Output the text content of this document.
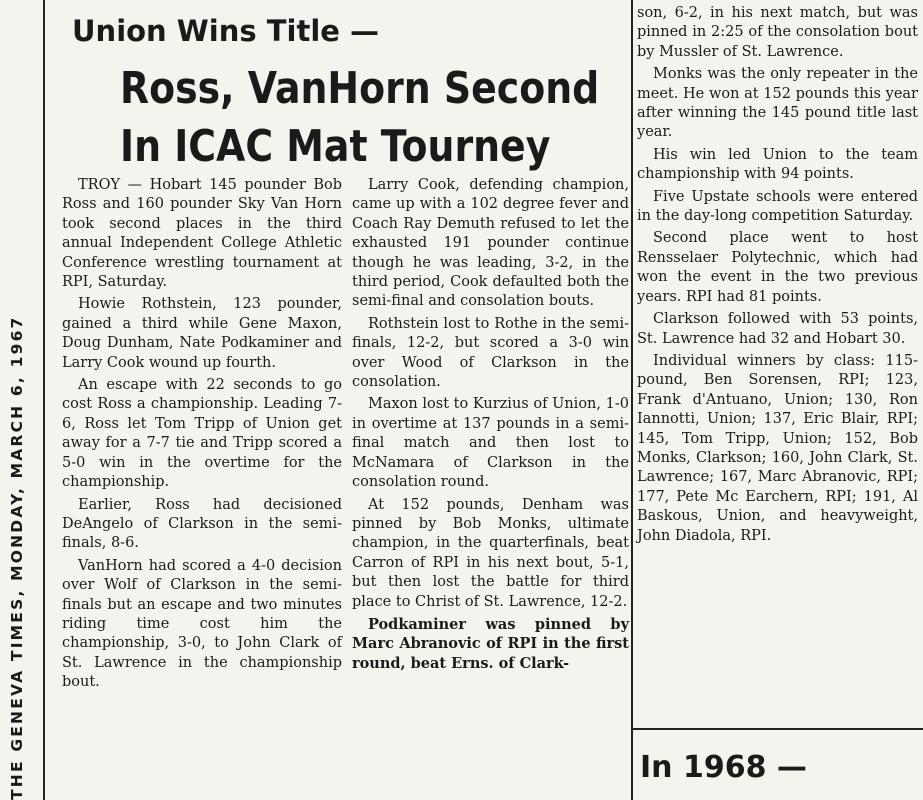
THE GENEVA TIMES, MONDAY, MARCH 6, 1967
Union Wins Title —
Ross, VanHorn Second
In ICAC Mat Tourney

TROY — Hobart 145 pounder Bob Ross and 160 pounder Sky Van Horn took second places in the third annual Independent College Athletic Conference wrestling tournament at RPI, Saturday.

Howie Rothstein, 123 pounder, gained a third while Gene Maxon, Doug Dunham, Nate Podkaminer and Larry Cook wound up fourth.

An escape with 22 seconds to go cost Ross a championship. Leading 7-6, Ross let Tom Tripp of Union get away for a 7-7 tie and Tripp scored a 5-0 win in the overtime for the championship.

Earlier, Ross had decisioned DeAngelo of Clarkson in the semi-finals, 8-6.

VanHorn had scored a 4-0 decision over Wolf of Clarkson in the semi-finals but an escape and two minutes riding time cost him the championship, 3-0, to John Clark of St. Lawrence in the championship bout.

Larry Cook, defending champion, came up with a 102 degree fever and Coach Ray Demuth refused to let the exhausted 191 pounder continue though he was leading, 3-2, in the third period, Cook defaulted both the semi-final and consolation bouts.

Rothstein lost to Rothe in the semi-finals, 12-2, but scored a 3-0 win over Wood of Clarkson in the consolation.

Maxon lost to Kurzius of Union, 1-0 in overtime at 137 pounds in a semi-final match and then lost to McNamara of Clarkson in the consolation round.

At 152 pounds, Denham was pinned by Bob Monks, ultimate champion, in the quarterfinals, beat Carron of RPI in his next bout, 5-1, but then lost the battle for third place to Christ of St. Lawrence, 12-2.

Podkaminer was pinned by Marc Abranovic of RPI in the first round, beat Erns. of Clark-

son, 6-2, in his next match, but was pinned in 2:25 of the consolation bout by Mussler of St. Lawrence.

Monks was the only repeater in the meet. He won at 152 pounds this year after winning the 145 pound title last year.

His win led Union to the team championship with 94 points.

Five Upstate schools were entered in the day-long competition Saturday.

Second place went to host Rensselaer Polytechnic, which had won the event in the two previous years. RPI had 81 points.

Clarkson followed with 53 points, St. Lawrence had 32 and Hobart 30.

Individual winners by class: 115-pound, Ben Sorensen, RPI; 123, Frank d'Antuano, Union; 130, Ron Iannotti, Union; 137, Eric Blair, RPI; 145, Tom Tripp, Union; 152, Bob Monks, Clarkson; 160, John Clark, St. Lawrence; 167, Marc Abranovic, RPI; 177, Pete Mc Earchern, RPI; 191, Al Baskous, Union, and heavyweight, John Diadola, RPI.

In 1968 —
